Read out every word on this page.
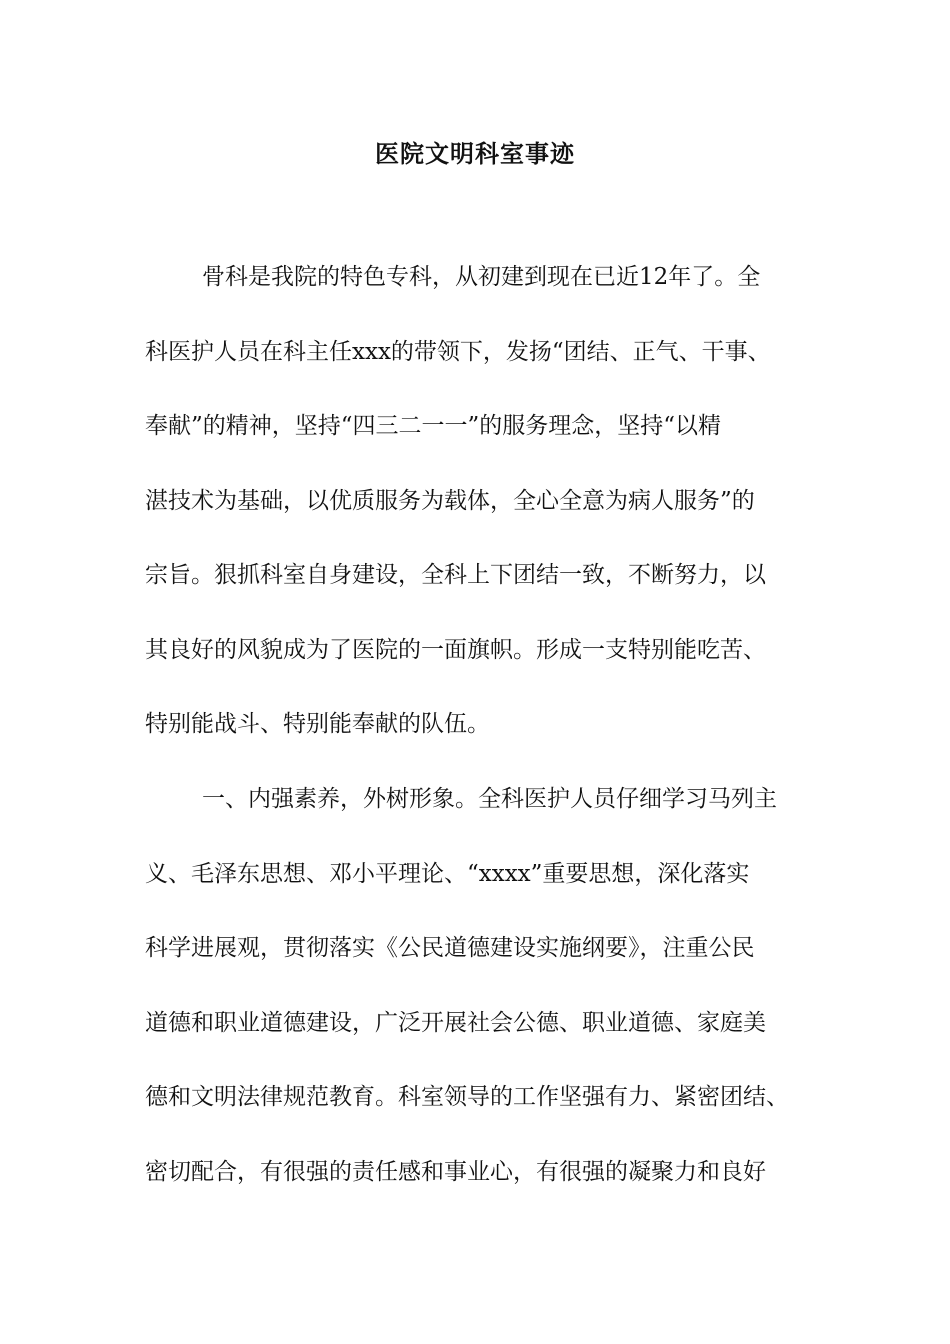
医院文明科室事迹
骨科是我院的特色专科，从初建到现在已近12年了。全
科医护人员在科主任xxx的带领下，发扬“团结、正气、干事、
奉献”的精神，坚持“四三二一一”的服务理念，坚持“以精
湛技术为基础，以优质服务为载体，全心全意为病人服务”的
宗旨。狠抓科室自身建设，全科上下团结一致，不断努力，以
其良好的风貌成为了医院的一面旗帜。形成一支特别能吃苦、
特别能战斗、特别能奉献的队伍。
一、内强素养，外树形象。全科医护人员仔细学习马列主
义、毛泽东思想、邓小平理论、“xxxx”重要思想，深化落实
科学进展观，贯彻落实《公民道德建设实施纲要》，注重公民
道德和职业道德建设，广泛开展社会公德、职业道德、家庭美
德和文明法律规范教育。科室领导的工作坚强有力、紧密团结、
密切配合，有很强的责任感和事业心，有很强的凝聚力和良好
